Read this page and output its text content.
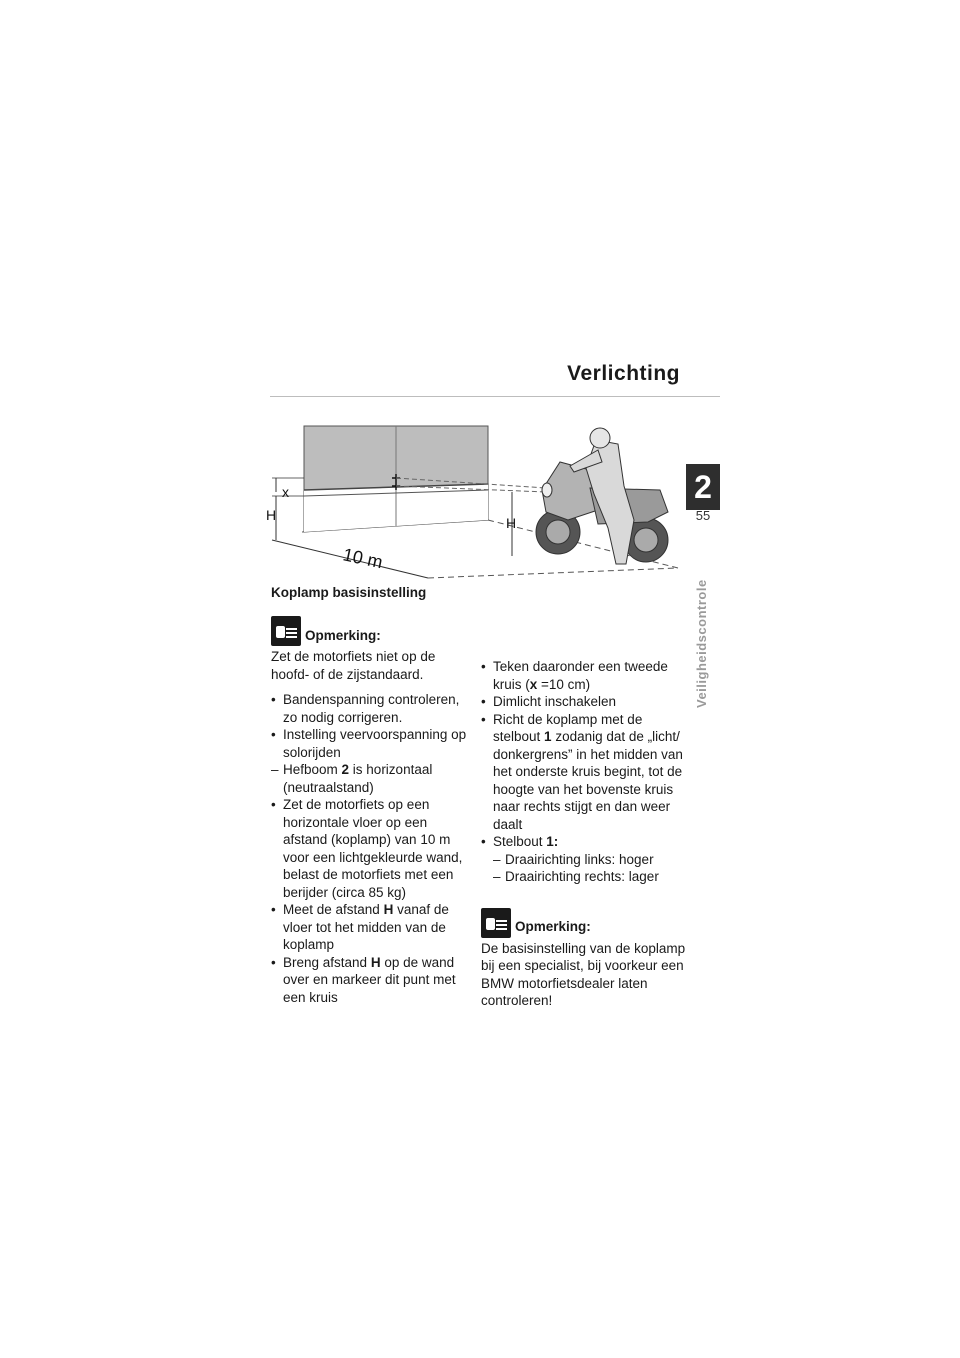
Verlichting
2
55
Veiligheidscontrole
x
H
10 m
H
Koplamp basisinstelling
Opmerking:
Zet de motorfiets niet op de hoofd- of de zijstandaard.
• Bandenspanning controleren, zo nodig corrigeren.
• Instelling veervoorspanning op solorijden
– Hefboom 2 is horizontaal (neutraalstand)
• Zet de motorfiets op een horizontale vloer op een afstand (koplamp) van 10 m voor een lichtgekleurde wand, belast de motorfiets met een berijder (circa 85 kg)
• Meet de afstand H vanaf de vloer tot het midden van de koplamp
• Breng afstand H op de wand over en markeer dit punt met een kruis
• Teken daaronder een tweede kruis (x =10 cm)
• Dimlicht inschakelen
• Richt de koplamp met de stelbout 1 zodanig dat de „licht/ donkergrens” in het midden van het onderste kruis begint, tot de hoogte van het bovenste kruis naar rechts stijgt en dan weer daalt
• Stelbout 1:
– Draairichting links: hoger
– Draairichting rechts: lager
Opmerking:
De basisinstelling van de koplamp bij een specialist, bij voorkeur een BMW motorfietsdealer laten controleren!
